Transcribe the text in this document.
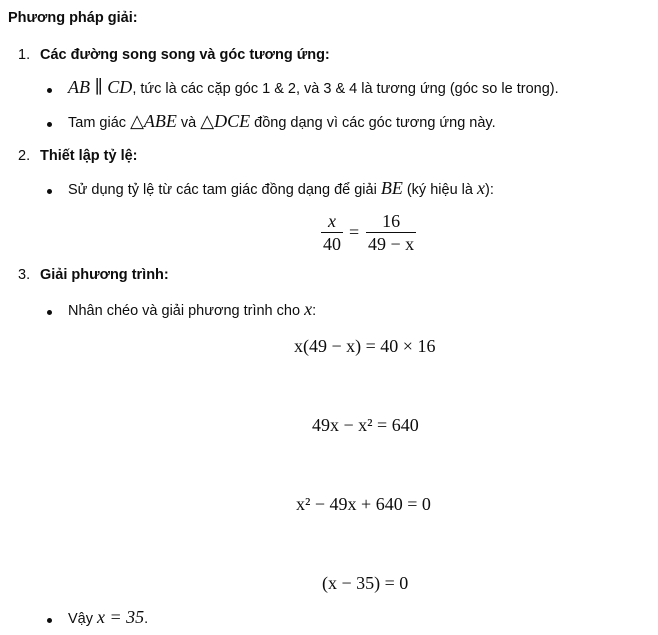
Phương pháp giải:
1. Các đường song song và góc tương ứng:
AB ∥ CD, tức là các cặp góc 1 & 2, và 3 & 4 là tương ứng (góc so le trong).
Tam giác △ABE và △DCE đồng dạng vì các góc tương ứng này.
2. Thiết lập tỷ lệ:
Sử dụng tỷ lệ từ các tam giác đồng dạng để giải BE (ký hiệu là x):
x
40
=
16
49 − x
3. Giải phương trình:
Nhân chéo và giải phương trình cho x:
x(49 − x) = 40 × 16
49x − x² = 640
x² − 49x + 640 = 0
(x − 35) = 0
Vậy x = 35.
